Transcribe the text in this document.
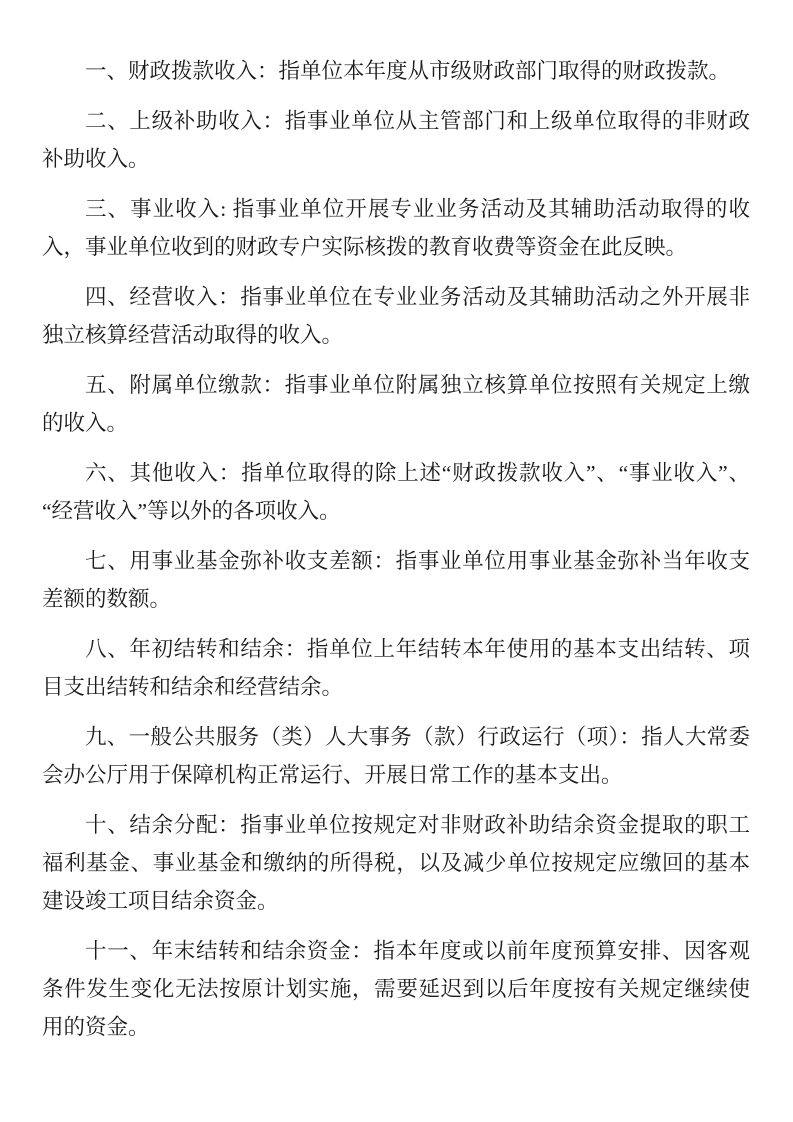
一、财政拨款收入：指单位本年度从市级财政部门取得的财政拨款。

二、上级补助收入：指事业单位从主管部门和上级单位取得的非财政补助收入。

三、事业收入: 指事业单位开展专业业务活动及其辅助活动取得的收入，事业单位收到的财政专户实际核拨的教育收费等资金在此反映。

四、经营收入：指事业单位在专业业务活动及其辅助活动之外开展非独立核算经营活动取得的收入。

五、附属单位缴款：指事业单位附属独立核算单位按照有关规定上缴的收入。

六、其他收入：指单位取得的除上述“财政拨款收入”、“事业收入”、“经营收入”等以外的各项收入。

七、用事业基金弥补收支差额：指事业单位用事业基金弥补当年收支差额的数额。

八、年初结转和结余：指单位上年结转本年使用的基本支出结转、项目支出结转和结余和经营结余。

九、一般公共服务（类）人大事务（款）行政运行（项）：指人大常委会办公厅用于保障机构正常运行、开展日常工作的基本支出。

十、结余分配：指事业单位按规定对非财政补助结余资金提取的职工福利基金、事业基金和缴纳的所得税，以及减少单位按规定应缴回的基本建设竣工项目结余资金。

十一、年末结转和结余资金：指本年度或以前年度预算安排、因客观条件发生变化无法按原计划实施，需要延迟到以后年度按有关规定继续使用的资金。
